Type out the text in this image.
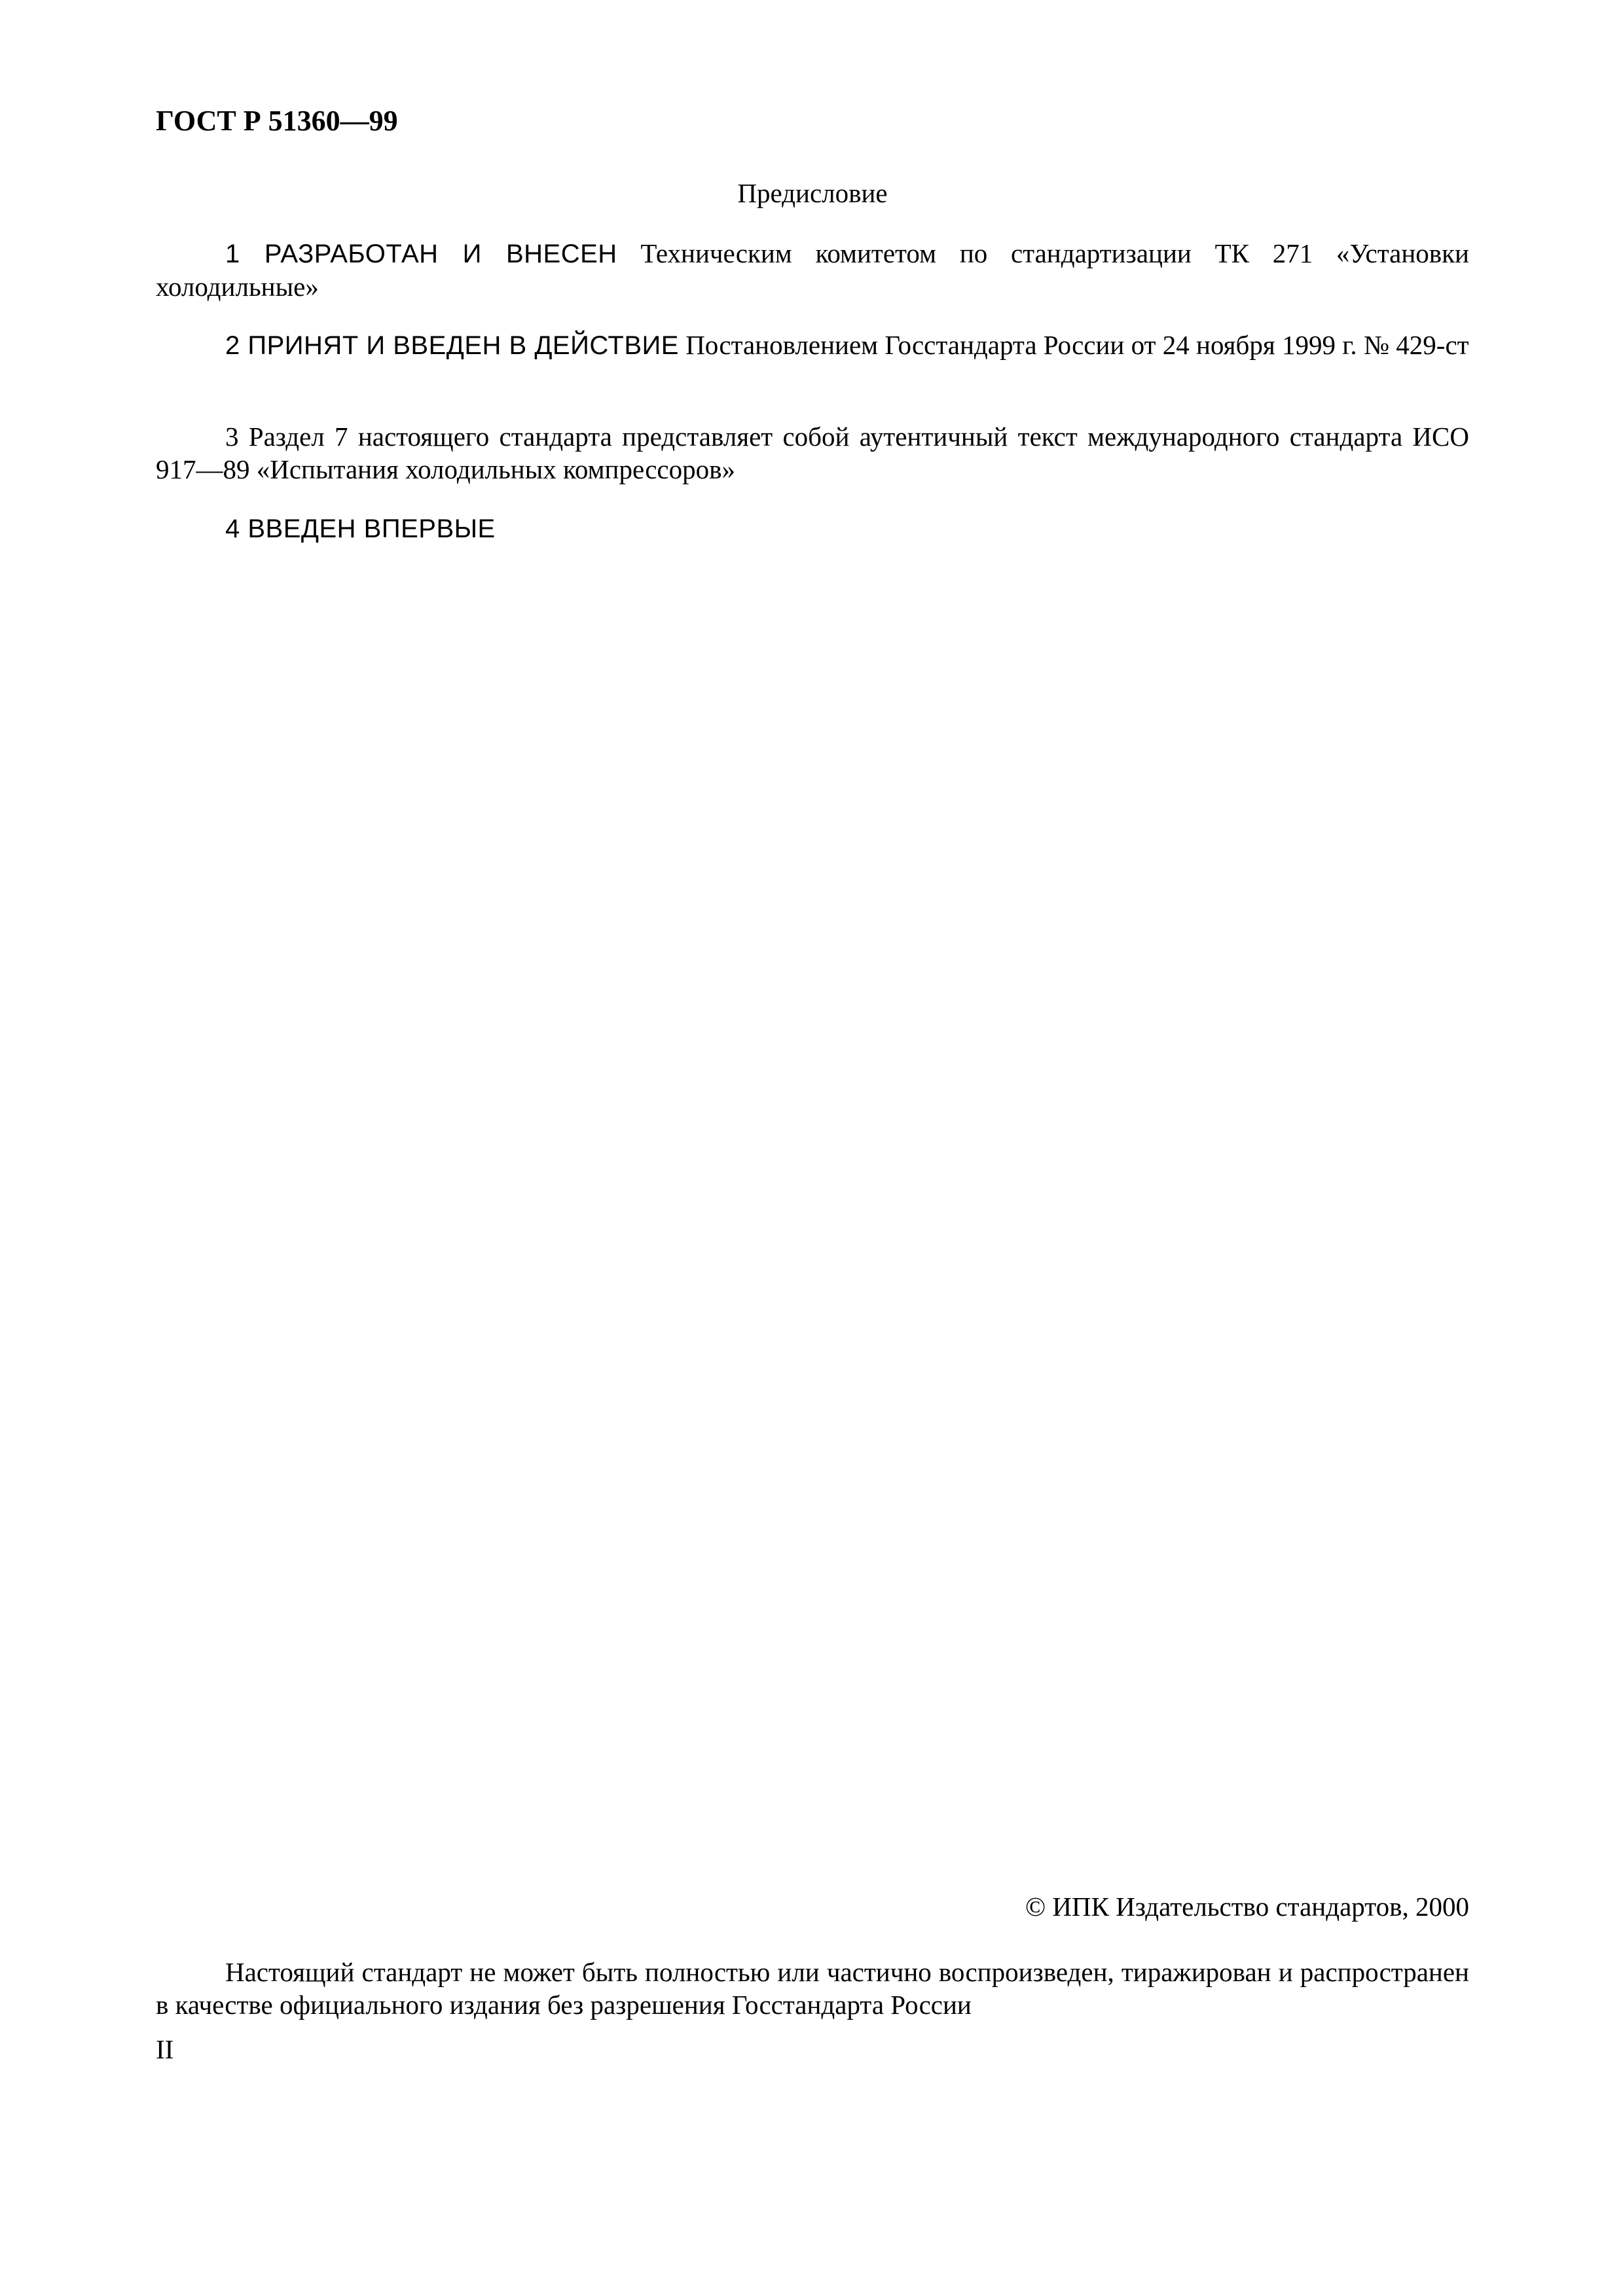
ГОСТ Р 51360—99
Предисловие

1 РАЗРАБОТАН И ВНЕСЕН Техническим комитетом по стандартизации ТК 271 «Установки холодильные»

2 ПРИНЯТ И ВВЕДЕН В ДЕЙСТВИЕ Постановлением Госстандарта России от 24 ноября 1999 г. № 429-ст

3 Раздел 7 настоящего стандарта представляет собой аутентичный текст международного стандарта ИСО 917—89 «Испытания холодильных компрессоров»

4 ВВЕДЕН ВПЕРВЫЕ

© ИПК Издательство стандартов, 2000

Настоящий стандарт не может быть полностью или частично воспроизведен, тиражирован и распространен в качестве официального издания без разрешения Госстандарта России

II
